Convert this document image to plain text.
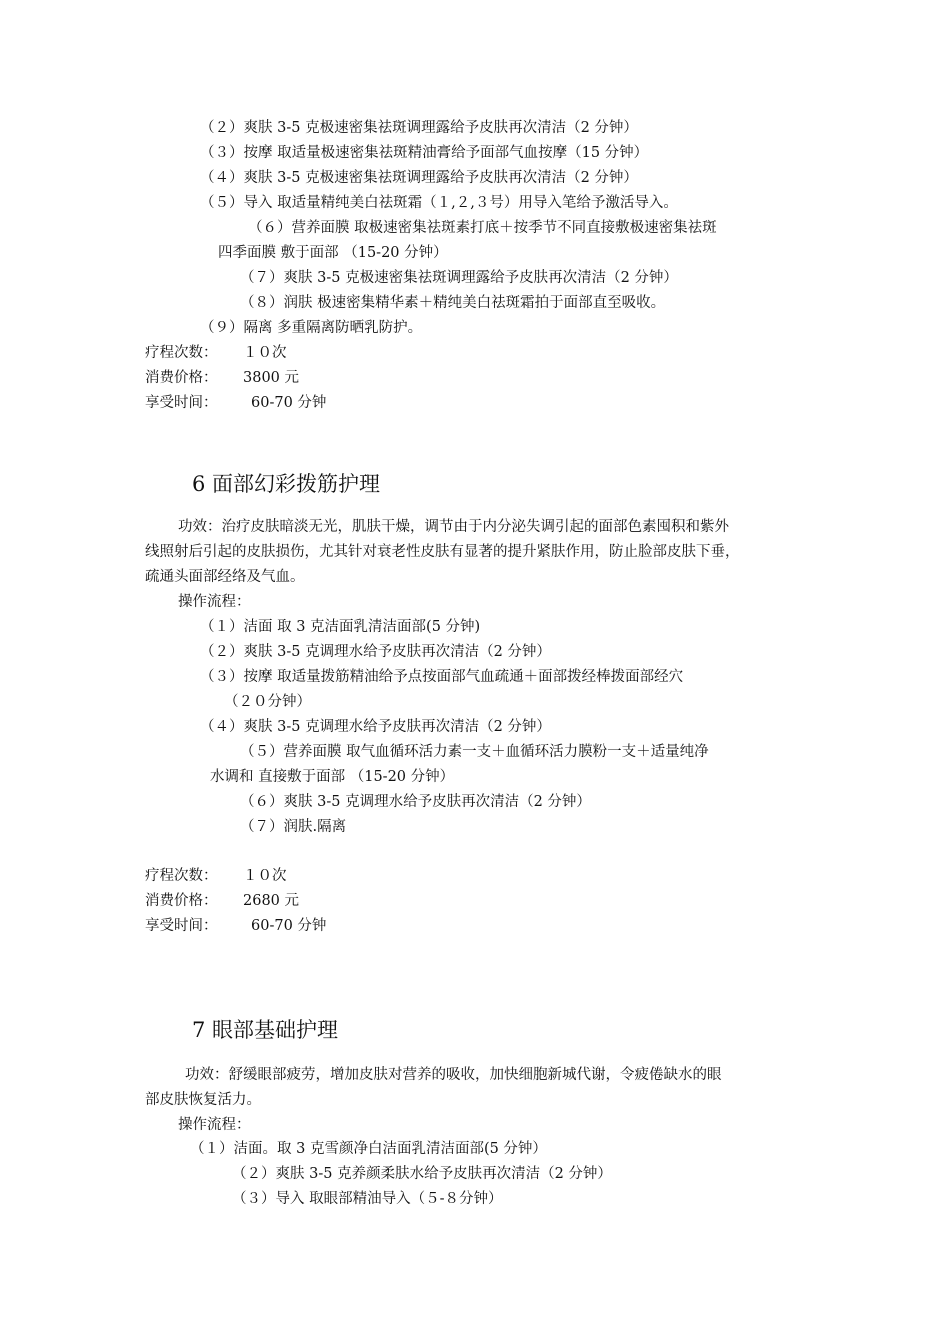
（２）爽肤 3-5 克极速密集祛斑调理露给予皮肤再次清洁（2 分钟）
（３）按摩 取适量极速密集祛斑精油膏给予面部气血按摩（15 分钟）
（４）爽肤 3-5 克极速密集祛斑调理露给予皮肤再次清洁（2 分钟）
（５）导入 取适量精纯美白祛斑霜（１,２,３号）用导入笔给予激活导入。
（６）营养面膜 取极速密集祛斑素打底＋按季节不同直接敷极速密集祛斑
四季面膜 敷于面部 （15-20 分钟）
（７）爽肤 3-5 克极速密集祛斑调理露给予皮肤再次清洁（2 分钟）
（８）润肤 极速密集精华素＋精纯美白祛斑霜拍于面部直至吸收。
（９）隔离 多重隔离防晒乳防护。
疗程次数： １０次
消费价格： 3800 元
享受时间： 60-70 分钟
6 面部幻彩拨筋护理
功效：治疗皮肤暗淡无光，肌肤干燥，调节由于内分泌失调引起的面部色素囤积和紫外
线照射后引起的皮肤损伤，尤其针对衰老性皮肤有显著的提升紧肤作用，防止脸部皮肤下垂，
疏通头面部经络及气血。
操作流程：
（１）洁面 取 3 克洁面乳清洁面部(5 分钟)
（２）爽肤 3-5 克调理水给予皮肤再次清洁（2 分钟）
（３）按摩 取适量拨筋精油给予点按面部气血疏通＋面部拨经棒拨面部经穴
（２０分钟）
（４）爽肤 3-5 克调理水给予皮肤再次清洁（2 分钟）
（５）营养面膜 取气血循环活力素一支＋血循环活力膜粉一支＋适量纯净
水调和 直接敷于面部 （15-20 分钟）
（６）爽肤 3-5 克调理水给予皮肤再次清洁（2 分钟）
（７）润肤.隔离
疗程次数： １０次
消费价格： 2680 元
享受时间： 60-70 分钟
7 眼部基础护理
功效：舒缓眼部疲劳，增加皮肤对营养的吸收，加快细胞新城代谢，令疲倦缺水的眼
部皮肤恢复活力。
操作流程：
（１）洁面。取 3 克雪颜净白洁面乳清洁面部(5 分钟）
（２）爽肤 3-5 克养颜柔肤水给予皮肤再次清洁（2 分钟）
（３）导入 取眼部精油导入（５-８分钟）
